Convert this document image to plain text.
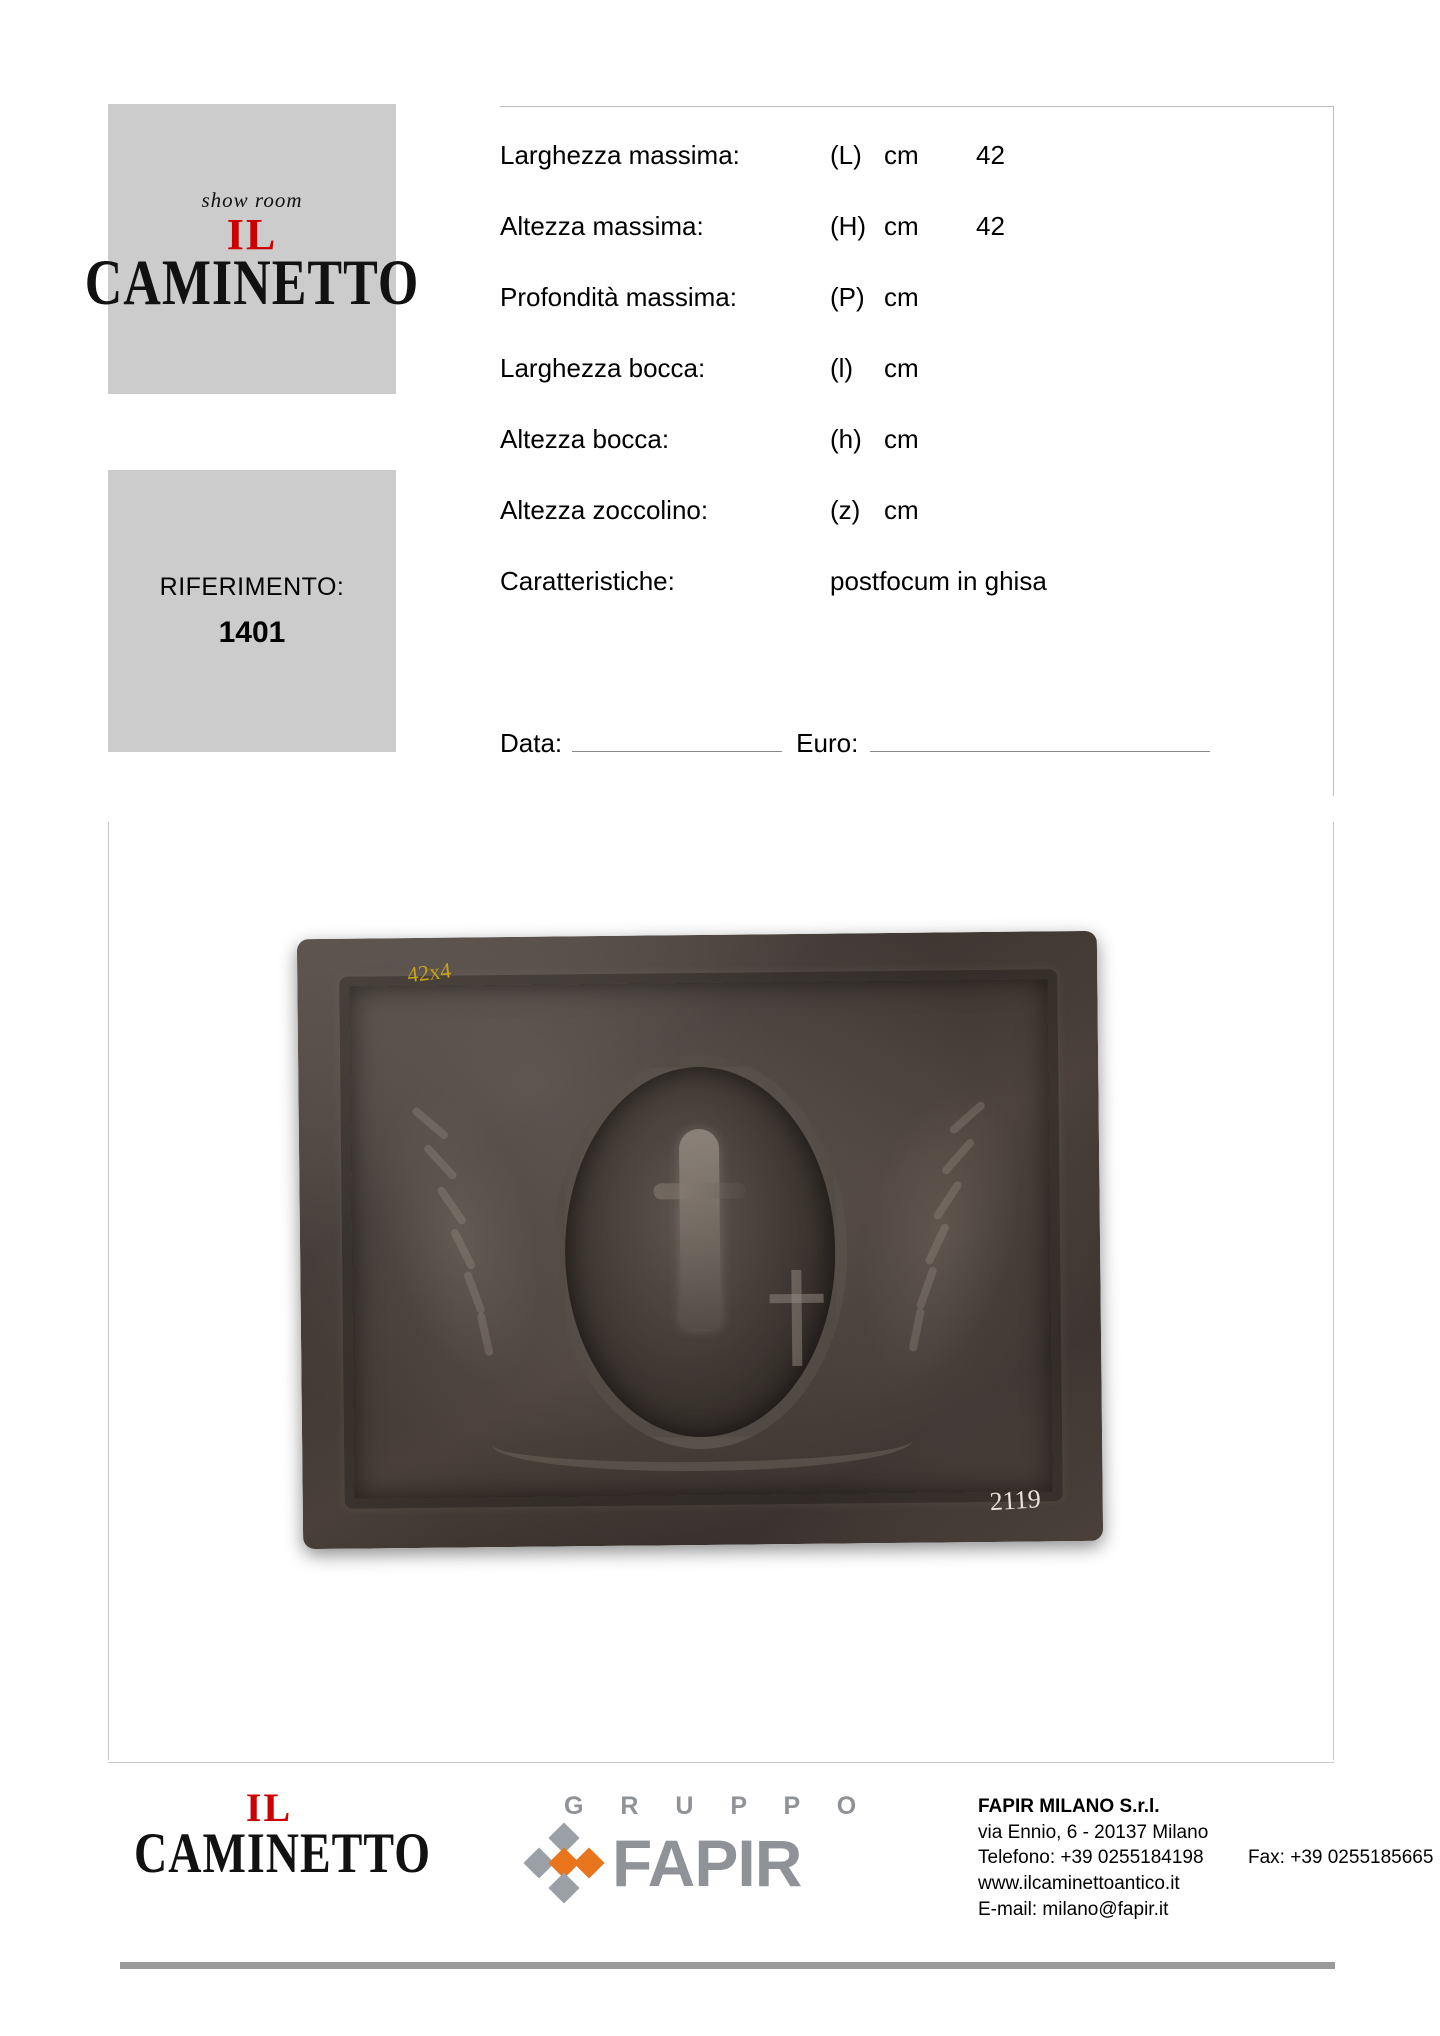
show room
IL
CAMINETTO
RIFERIMENTO:
1401
Larghezza massima:	(L) cm	42
Altezza massima:	(H) cm	42
Profondità massima:	(P) cm
Larghezza bocca:	(l)	cm
Altezza bocca:	(h) cm
Altezza zoccolino:	(z) cm
Caratteristiche:	postfocum in ghisa
Data:	Euro:
42x4
2119
IL
CAMINETTO
G R U P P O
FAPIR
FAPIR MILANO S.r.l.
via Ennio, 6 - 20137 Milano
Telefono: +39 0255184198	Fax: +39 0255185665
www.ilcaminettoantico.it
E-mail: milano@fapir.it
